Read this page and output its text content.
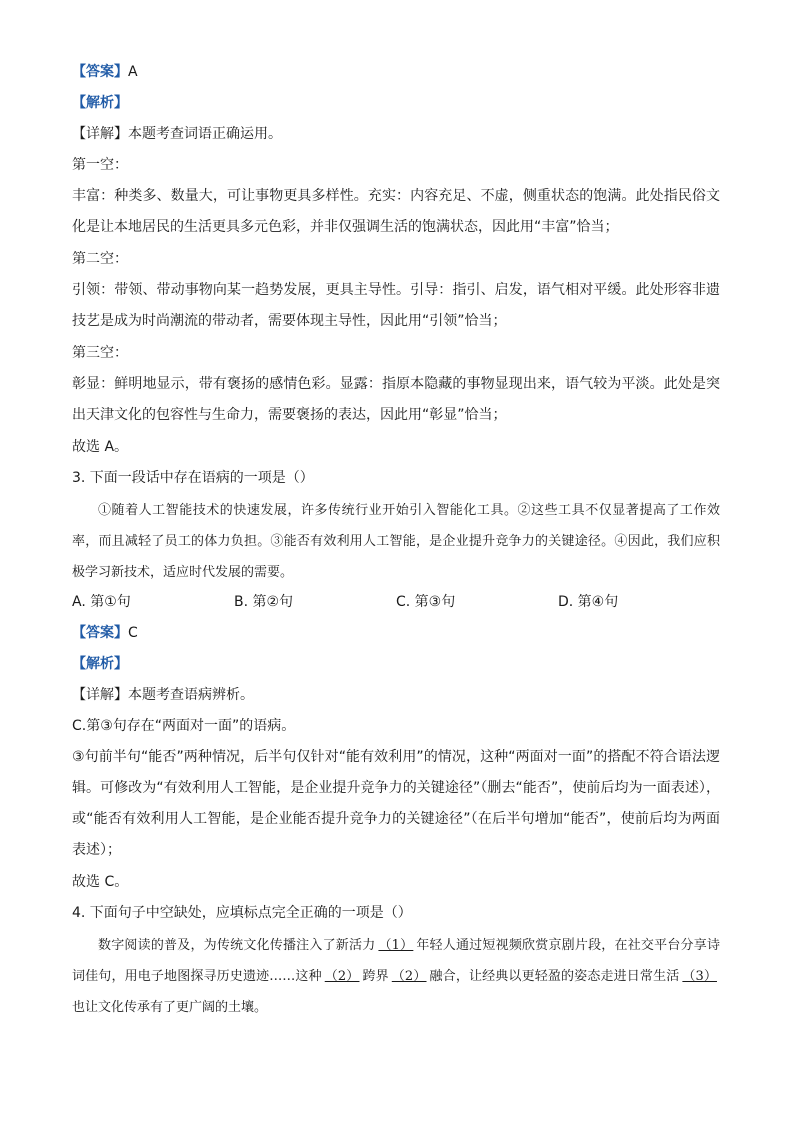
【答案】A
【解析】
【详解】本题考查词语正确运用。
第一空：
丰富：种类多、数量大，可让事物更具多样性。充实：内容充足、不虚，侧重状态的饱满。此处指民俗文化是让本地居民的生活更具多元色彩，并非仅强调生活的饱满状态，因此用“丰富”恰当；
第二空：
引领：带领、带动事物向某一趋势发展，更具主导性。引导：指引、启发，语气相对平缓。此处形容非遗技艺是成为时尚潮流的带动者，需要体现主导性，因此用“引领”恰当；
第三空：
彰显：鲜明地显示，带有褒扬的感情色彩。显露：指原本隐藏的事物显现出来，语气较为平淡。此处是突出天津文化的包容性与生命力，需要褒扬的表达，因此用“彰显”恰当；
故选 A。
3. 下面一段话中存在语病的一项是（）
①随着人工智能技术的快速发展，许多传统行业开始引入智能化工具。②这些工具不仅显著提高了工作效率，而且减轻了员工的体力负担。③能否有效利用人工智能，是企业提升竞争力的关键途径。④因此，我们应积极学习新技术，适应时代发展的需要。
A. 第①句	B. 第②句	C. 第③句	D. 第④句
【答案】C
【解析】
【详解】本题考查语病辨析。
C.第③句存在“两面对一面”的语病。
③句前半句“能否”两种情况，后半句仅针对“能有效利用”的情况，这种“两面对一面”的搭配不符合语法逻辑。可修改为“有效利用人工智能，是企业提升竞争力的关键途径”（删去“能否”，使前后均为一面表述），或“能否有效利用人工智能，是企业能否提升竞争力的关键途径”（在后半句增加“能否”，使前后均为两面表述）；
故选 C。
4. 下面句子中空缺处，应填标点完全正确的一项是（）
数字阅读的普及，为传统文化传播注入了新活力 （1） 年轻人通过短视频欣赏京剧片段，在社交平台分享诗词佳句，用电子地图探寻历史遗迹……这种 （2） 跨界 （2） 融合，让经典以更轻盈的姿态走进日常生活 （3）也让文化传承有了更广阔的土壤。
